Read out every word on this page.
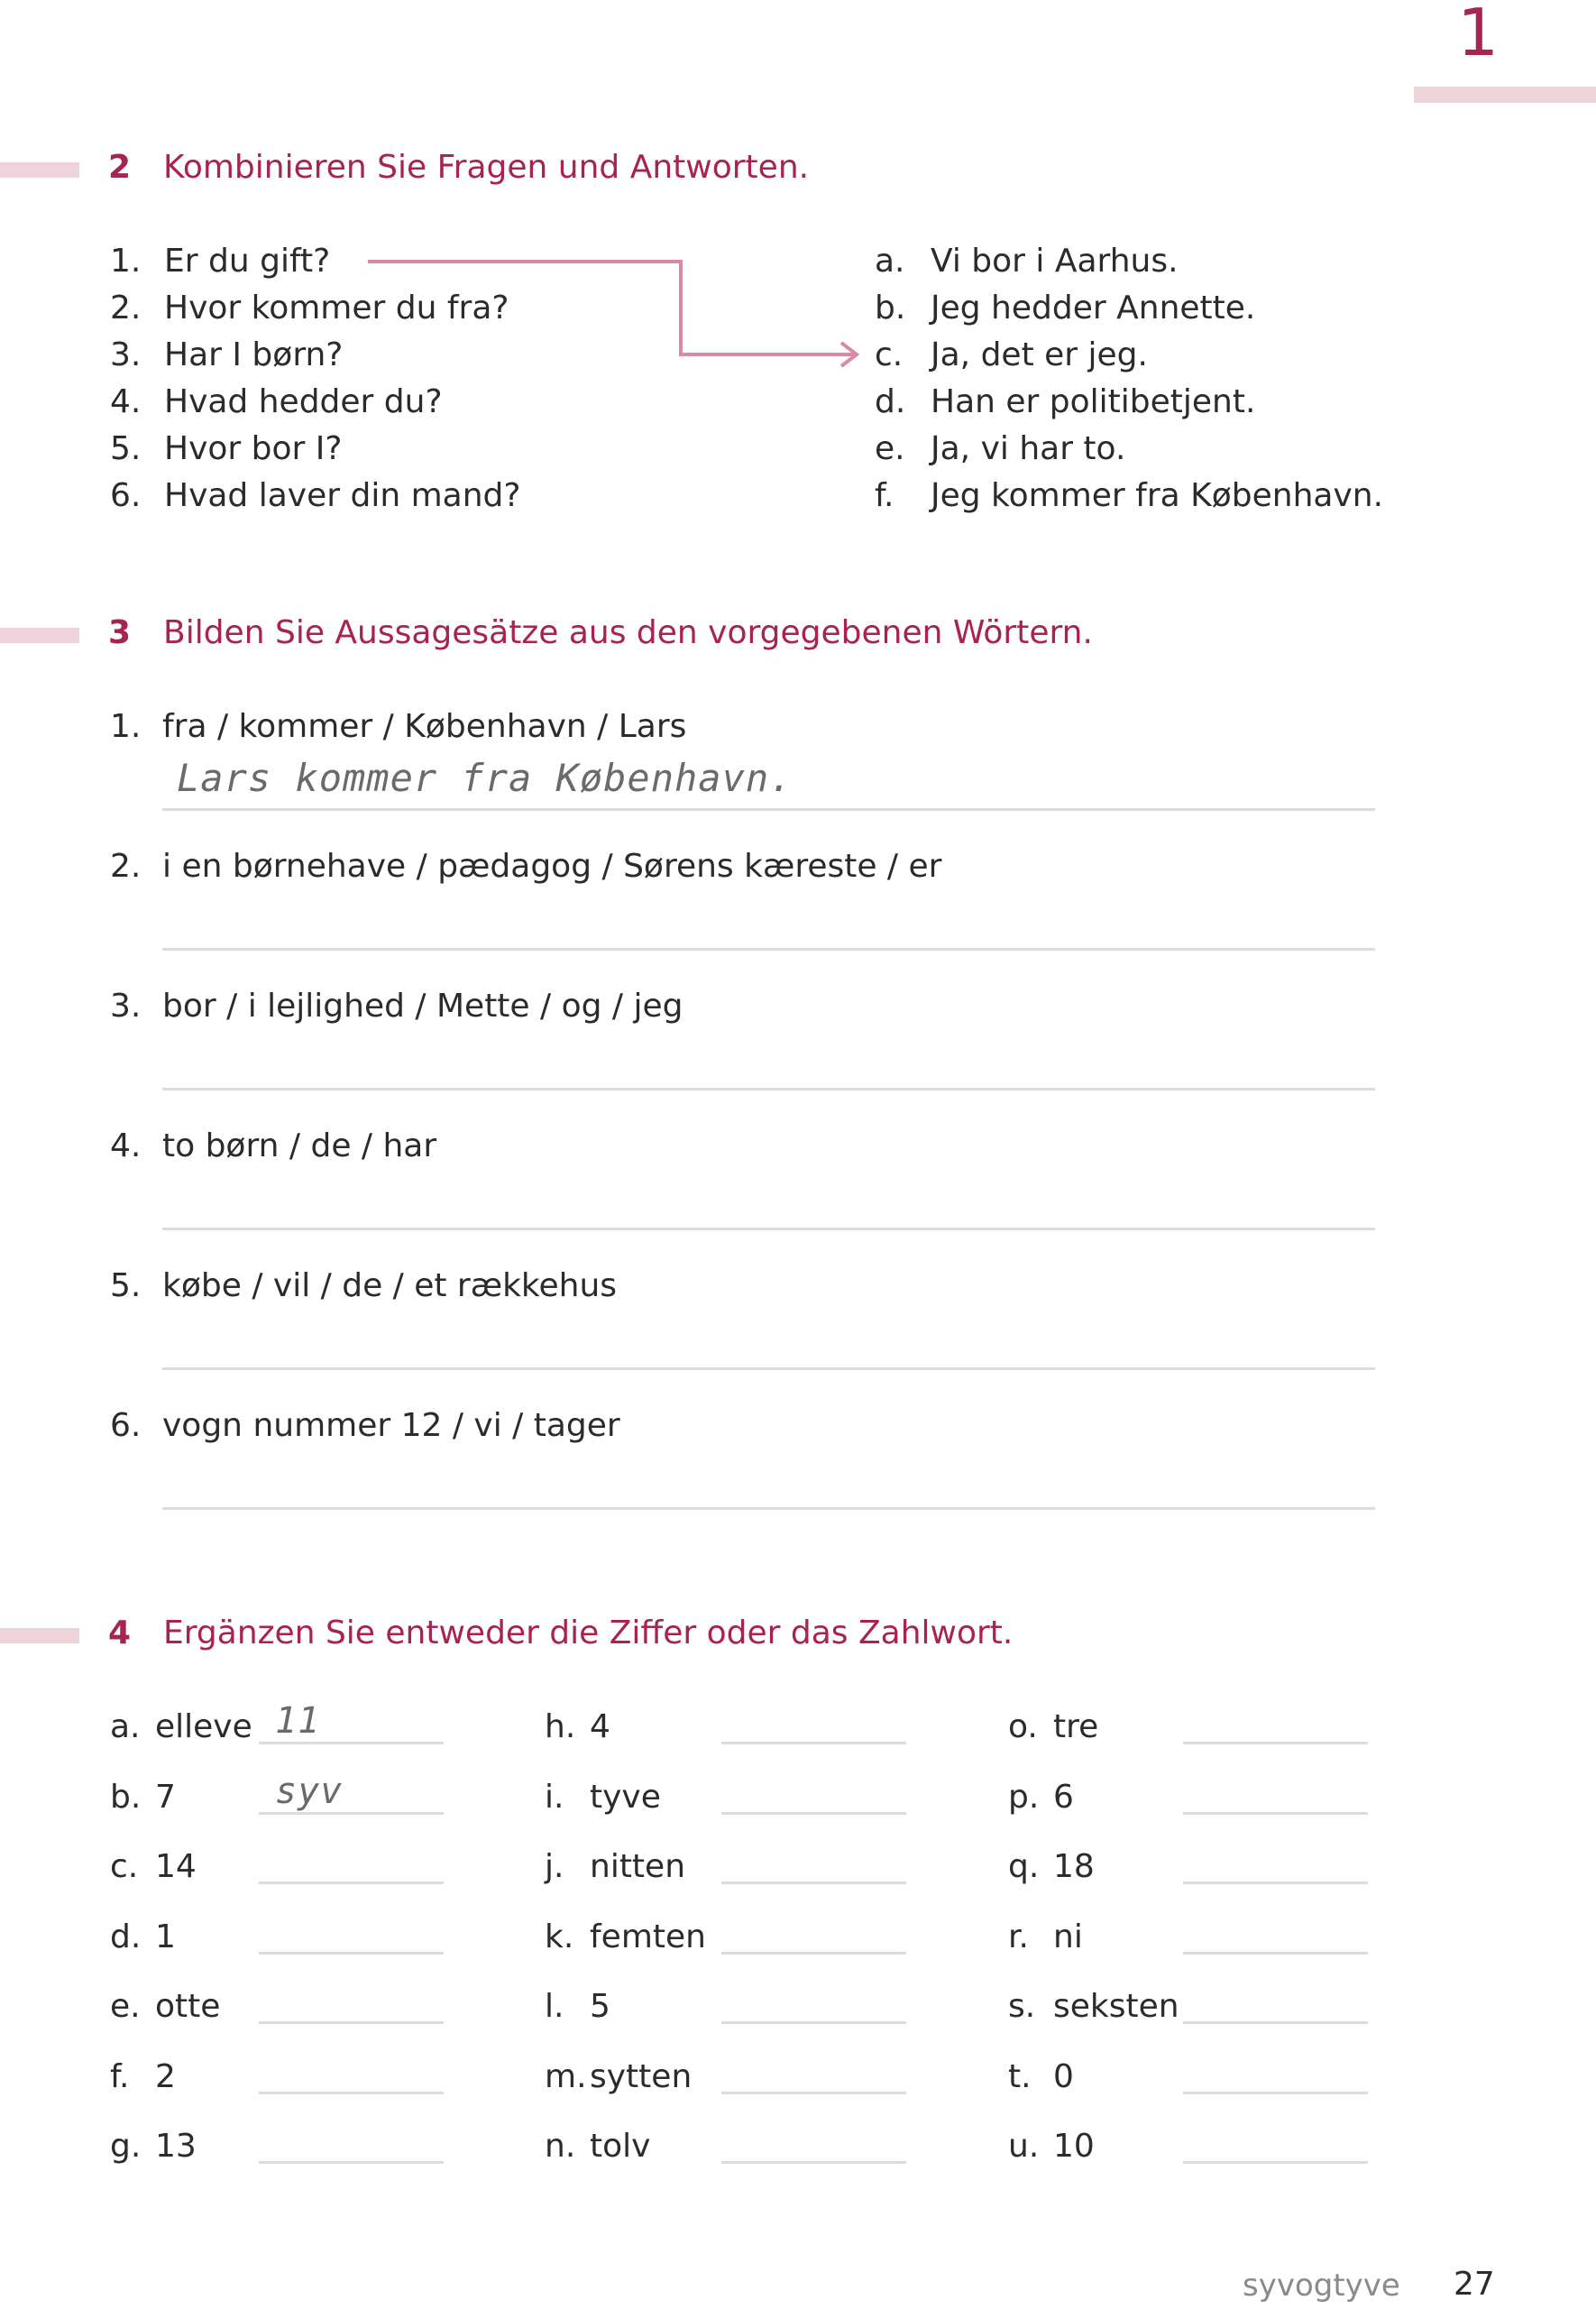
1
2 Kombinieren Sie Fragen und Antworten.
1. Er du gift?
2. Hvor kommer du fra?
3. Har I børn?
4. Hvad hedder du?
5. Hvor bor I?
6. Hvad laver din mand?
a. Vi bor i Aarhus.
b. Jeg hedder Annette.
c. Ja, det er jeg.
d. Han er politibetjent.
e. Ja, vi har to.
f. Jeg kommer fra København.
3 Bilden Sie Aussagesätze aus den vorgegebenen Wörtern.
1. fra / kommer / København / Lars
Lars kommer fra København.
2. i en børnehave / pædagog / Sørens kæreste / er
3. bor / i lejlighed / Mette / og / jeg
4. to børn / de / har
5. købe / vil / de / et rækkehus
6. vogn nummer 12 / vi / tager
4 Ergänzen Sie entweder die Ziffer oder das Zahlwort.
a. elleve 11
b. 7	syv
c. 14
d. 1
e. otte
f. 2
g. 13
h. 4
i. tyve
j. nitten
k. femten
l. 5
m. sytten
n. tolv
o. tre
p. 6
q. 18
r. ni
s. seksten
t. 0
u. 10
syvogtyve 27
